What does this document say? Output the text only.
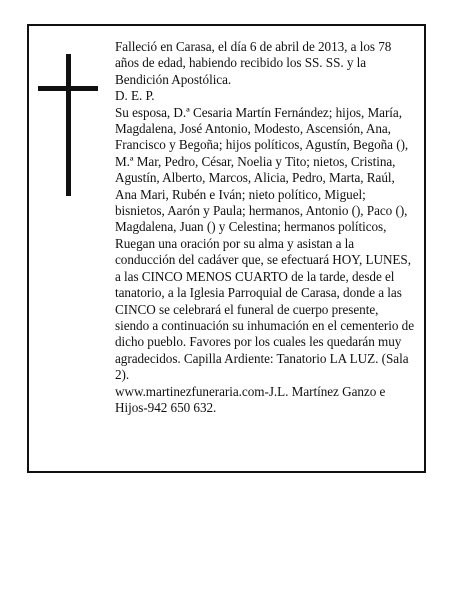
Falleció en Carasa, el día 6 de abril de 2013, a los 78 años de edad, habiendo recibido los SS. SS. y la Bendición Apostólica.

D. E. P.

Su esposa, D.ª Cesaria Martín Fernández; hijos, María, Magdalena, José Antonio, Modesto, Ascensión, Ana, Francisco y Begoña; hijos políticos, Agustín, Begoña (), M.ª Mar, Pedro, César, Noelia y Tito; nietos, Cristina, Agustín, Alberto, Marcos, Alicia, Pedro, Marta, Raúl, Ana Mari, Rubén e Iván; nieto político, Miguel; bisnietos, Aarón y Paula; hermanos, Antonio (), Paco (), Magdalena, Juan () y Celestina; hermanos políticos,

Ruegan una oración por su alma y asistan a la conducción del cadáver que, se efectuará HOY, LUNES, a las CINCO MENOS CUARTO de la tarde, desde el tanatorio, a la Iglesia Parroquial de Carasa, donde a las CINCO se celebrará el funeral de cuerpo presente, siendo a continuación su inhumación en el cementerio de dicho pueblo. Favores por los cuales les quedarán muy agradecidos. Capilla Ardiente: Tanatorio LA LUZ. (Sala 2).

www.martinezfuneraria.com-J.L. Martínez Ganzo e Hijos-942 650 632.
